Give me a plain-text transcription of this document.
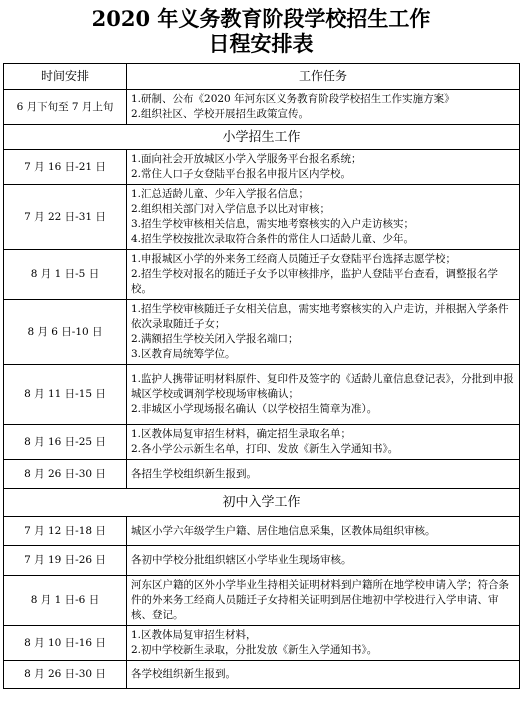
2020 年义务教育阶段学校招生工作
日程安排表
时间安排	工作任务
6 月下旬至 7 月上旬	1.研制、公布《2020 年河东区义务教育阶段学校招生工作实施方案》
2.组织社区、学校开展招生政策宣传。

小学招生工作	
7 月 16 日-21 日	1.面向社会开放城区小学入学服务平台报名系统；
2.常住人口子女登陆平台报名申报片区内学校。

7 月 22 日-31 日	1.汇总适龄儿童、少年入学报名信息；
2.组织相关部门对入学信息予以比对审核；
3.招生学校审核相关信息，需实地考察核实的入户走访核实；
4.招生学校按批次录取符合条件的常住人口适龄儿童、少年。

8 月 1 日-5 日	1.申报城区小学的外来务工经商人员随迁子女登陆平台选择志愿学校；
2.招生学校对报名的随迁子女予以审核排序，监护人登陆平台查看，调整报名学校。

8 月 6 日-10 日	1.招生学校审核随迁子女相关信息，需实地考察核实的入户走访，并根据入学条件依次录取随迁子女；
2.满额招生学校关闭入学报名端口；
3.区教育局统筹学位。

8 月 11 日-15 日	1.监护人携带证明材料原件、复印件及签字的《适龄儿童信息登记表》，分批到申报城区学校或调剂学校现场审核确认；
2.非城区小学现场报名确认（以学校招生简章为准）。

8 月 16 日-25 日	1.区教体局复审招生材料，确定招生录取名单；
2.各小学公示新生名单，打印、发放《新生入学通知书》。

8 月 26 日-30 日	各招生学校组织新生报到。

初中入学工作	
7 月 12 日-18 日	城区小学六年级学生户籍、居住地信息采集，区教体局组织审核。

7 月 19 日-26 日	各初中学校分批组织辖区小学毕业生现场审核。

8 月 1 日-6 日	河东区户籍的区外小学毕业生持相关证明材料到户籍所在地学校申请入学；符合条件的外来务工经商人员随迁子女持相关证明到居住地初中学校进行入学申请、审核、登记。

8 月 10 日-16 日	1.区教体局复审招生材料，
2.初中学校新生录取，分批发放《新生入学通知书》。

8 月 26 日-30 日	各学校组织新生报到。
